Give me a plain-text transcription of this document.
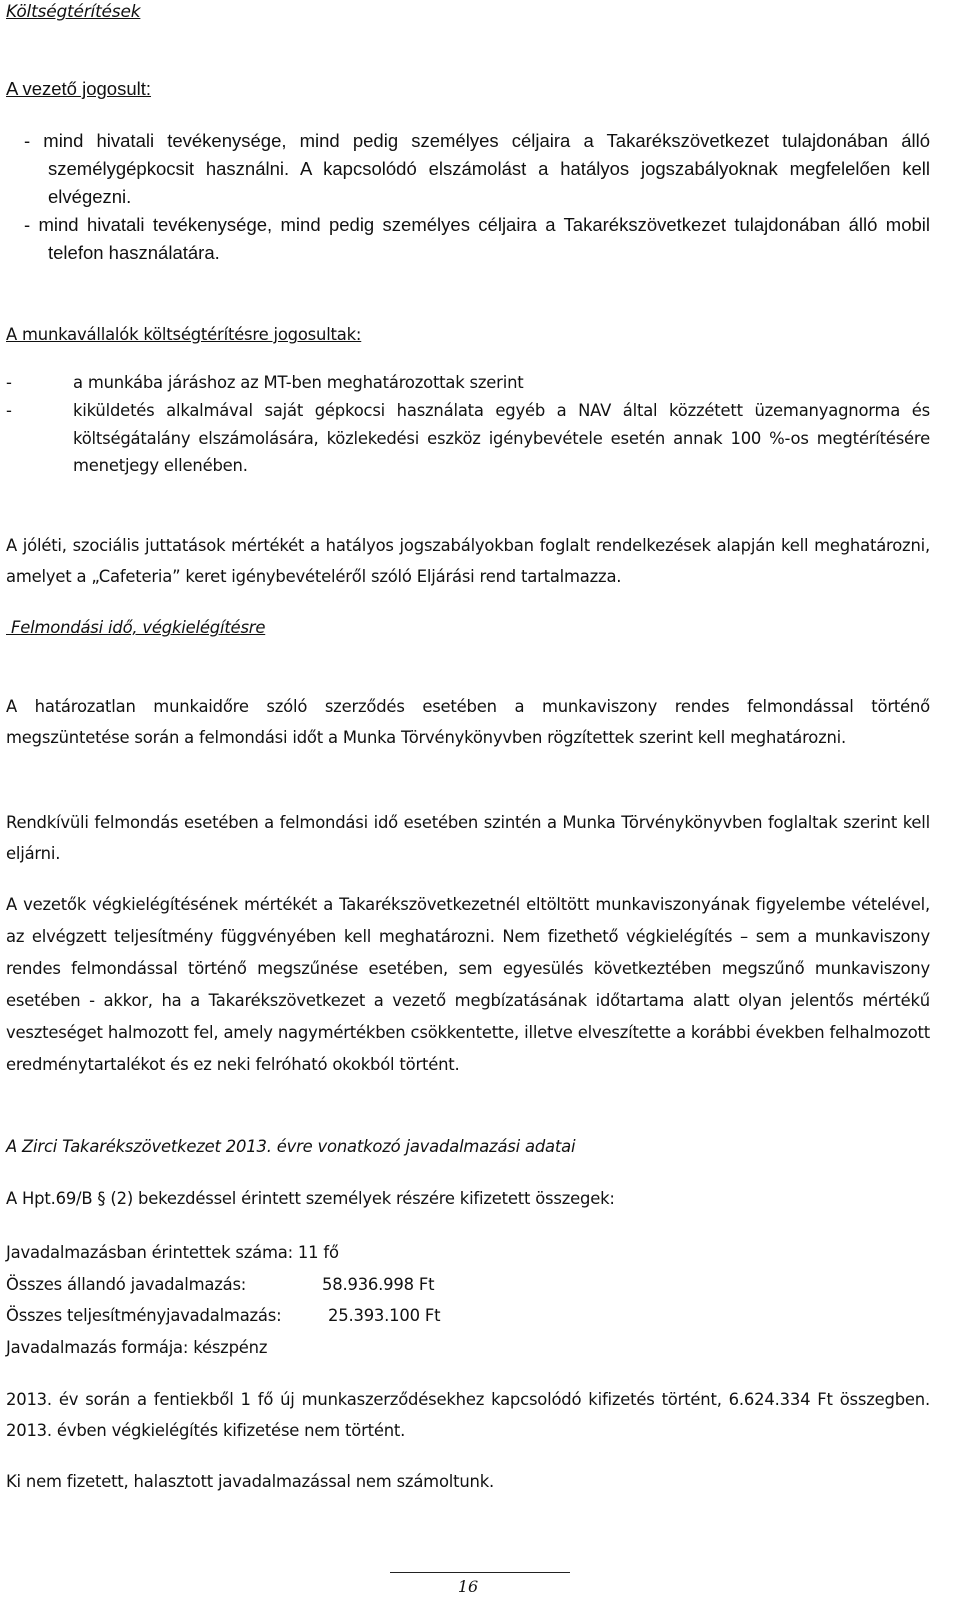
Költségtérítések

A vezető jogosult:

- mind hivatali tevékenysége, mind pedig személyes céljaira a Takarékszövetkezet tulajdonában álló személygépkocsit használni. A kapcsolódó elszámolást a hatályos jogszabályoknak megfelelően kell elvégezni.

- mind hivatali tevékenysége, mind pedig személyes céljaira a Takarékszövetkezet tulajdonában álló mobil telefon használatára.

A munkavállalók költségtérítésre jogosultak:

-	a munkába járáshoz az MT-ben meghatározottak szerint
-	kiküldetés alkalmával saját gépkocsi használata egyéb a NAV által közzétett üzemanyagnorma és költségátalány elszámolására, közlekedési eszköz igénybevétele esetén annak 100 %-os megtérítésére menetjegy ellenében.

A jóléti, szociális juttatások mértékét a hatályos jogszabályokban foglalt rendelkezések alapján kell meghatározni, amelyet a „Cafeteria” keret igénybevételéről szóló Eljárási rend tartalmazza.

Felmondási idő, végkielégítésre

A határozatlan munkaidőre szóló szerződés esetében a munkaviszony rendes felmondással történő megszüntetése során a felmondási időt a Munka Törvénykönyvben rögzítettek szerint kell meghatározni.

Rendkívüli felmondás esetében a felmondási idő esetében szintén a Munka Törvénykönyvben foglaltak szerint kell eljárni.

A vezetők végkielégítésének mértékét a Takarékszövetkezetnél eltöltött munkaviszonyának figyelembe vételével, az elvégzett teljesítmény függvényében kell meghatározni. Nem fizethető végkielégítés – sem a munkaviszony rendes felmondással történő megszűnése esetében, sem egyesülés következtében megszűnő munkaviszony esetében - akkor, ha a Takarékszövetkezet a vezető megbízatásának időtartama alatt olyan jelentős mértékű veszteséget halmozott fel, amely nagymértékben csökkentette, illetve elveszítette a korábbi években felhalmozott eredménytartalékot és ez neki felróható okokból történt.

A Zirci Takarékszövetkezet 2013. évre vonatkozó javadalmazási adatai

A Hpt.69/B § (2) bekezdéssel érintett személyek részére kifizetett összegek:

Javadalmazásban érintettek száma: 11 fő
Összes állandó javadalmazás:	58.936.998 Ft
Összes teljesítményjavadalmazás:	25.393.100 Ft
Javadalmazás formája: készpénz

2013. év során a fentiekből 1 fő új munkaszerződésekhez kapcsolódó kifizetés történt, 6.624.334 Ft összegben.  2013. évben végkielégítés kifizetése nem történt.

Ki nem fizetett, halasztott javadalmazással nem számoltunk.

16
